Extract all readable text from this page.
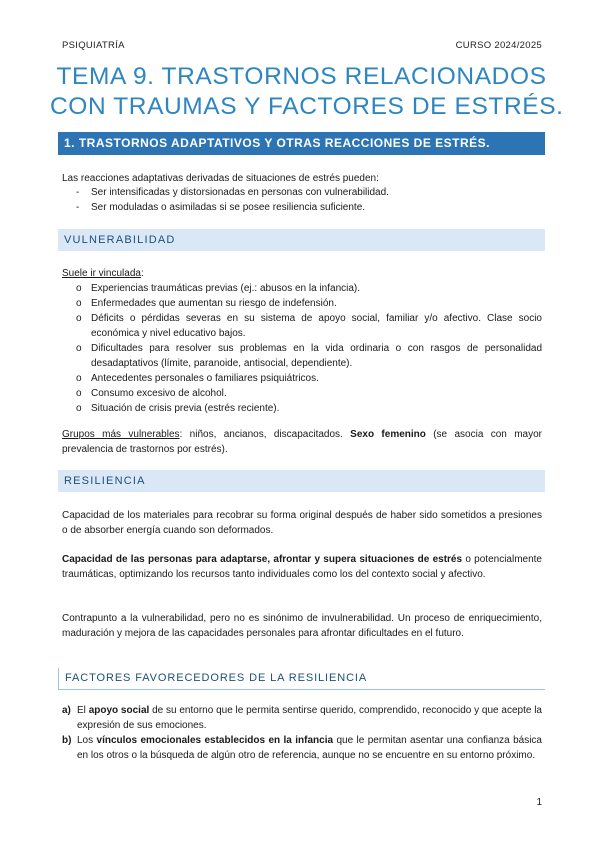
PSIQUIATRÍA	CURSO 2024/2025
TEMA 9. TRASTORNOS RELACIONADOS
CON TRAUMAS Y FACTORES DE ESTRÉS.
1. TRASTORNOS ADAPTATIVOS Y OTRAS REACCIONES DE ESTRÉS.
Las reacciones adaptativas derivadas de situaciones de estrés pueden:
- Ser intensificadas y distorsionadas en personas con vulnerabilidad.
- Ser moduladas o asimiladas si se posee resiliencia suficiente.
VULNERABILIDAD
Suele ir vinculada:
o Experiencias traumáticas previas (ej.: abusos en la infancia).
o Enfermedades que aumentan su riesgo de indefensión.
o Déficits o pérdidas severas en su sistema de apoyo social, familiar y/o afectivo. Clase socio económica y nivel educativo bajos.
o Dificultades para resolver sus problemas en la vida ordinaria o con rasgos de personalidad desadaptativos (límite, paranoide, antisocial, dependiente).
o Antecedentes personales o familiares psiquiátricos.
o Consumo excesivo de alcohol.
o Situación de crisis previa (estrés reciente).
Grupos más vulnerables: niños, ancianos, discapacitados. Sexo femenino (se asocia con mayor prevalencia de trastornos por estrés).
RESILIENCIA
Capacidad de los materiales para recobrar su forma original después de haber sido sometidos a presiones o de absorber energía cuando son deformados.
Capacidad de las personas para adaptarse, afrontar y supera situaciones de estrés o potencialmente traumáticas, optimizando los recursos tanto individuales como los del contexto social y afectivo.
Contrapunto a la vulnerabilidad, pero no es sinónimo de invulnerabilidad. Un proceso de enriquecimiento, maduración y mejora de las capacidades personales para afrontar dificultades en el futuro.
FACTORES FAVORECEDORES DE LA RESILIENCIA
a) El apoyo social de su entorno que le permita sentirse querido, comprendido, reconocido y que acepte la expresión de sus emociones.
b) Los vínculos emocionales establecidos en la infancia que le permitan asentar una confianza básica en los otros o la búsqueda de algún otro de referencia, aunque no se encuentre en su entorno próximo.
1
